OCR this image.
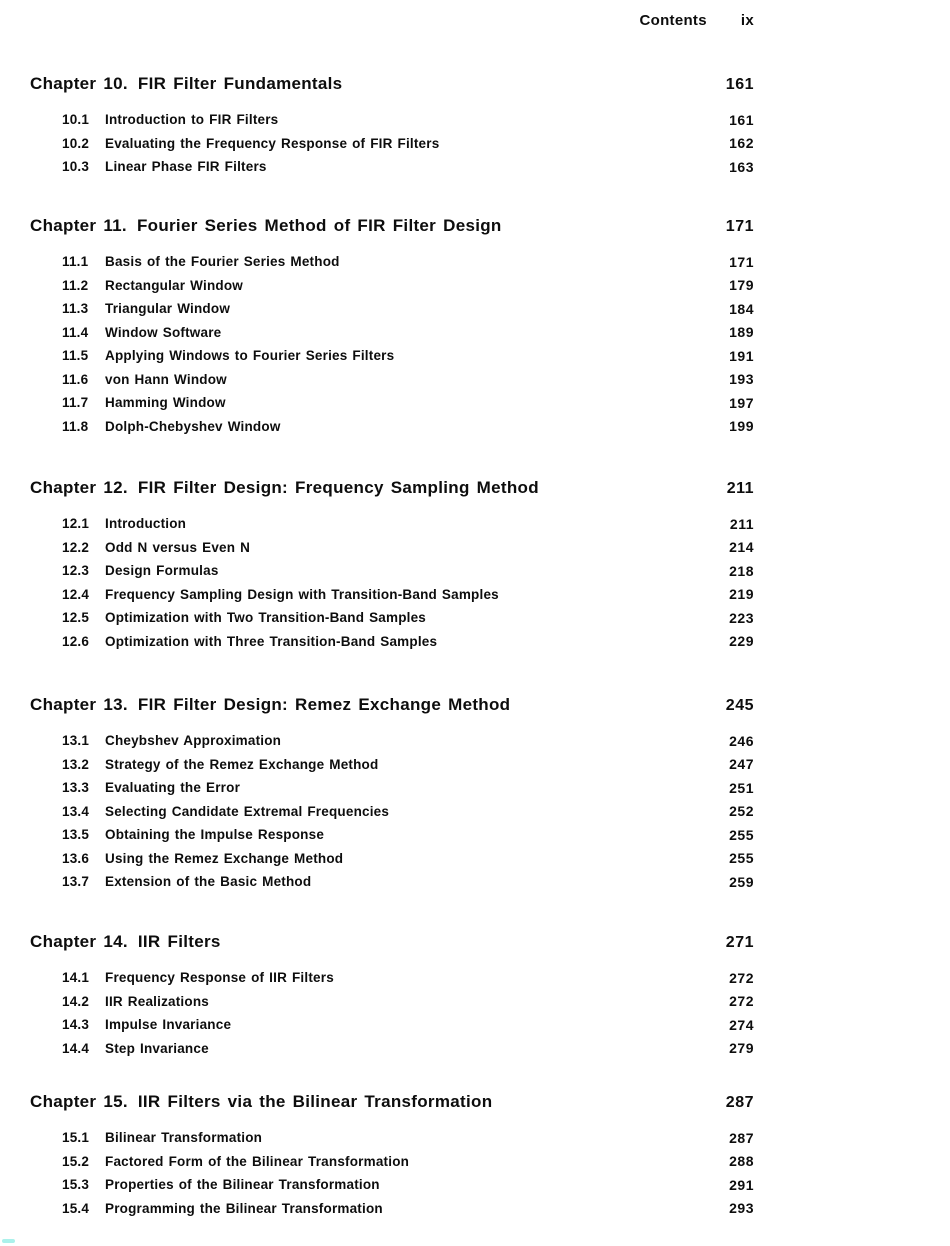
Contents ix
Chapter 10. FIR Filter Fundamentals	161
10.1	Introduction to FIR Filters	161
10.2	Evaluating the Frequency Response of FIR Filters	162
10.3	Linear Phase FIR Filters	163
Chapter 11. Fourier Series Method of FIR Filter Design	171
11.1	Basis of the Fourier Series Method	171
11.2	Rectangular Window	179
11.3	Triangular Window	184
11.4	Window Software	189
11.5	Applying Windows to Fourier Series Filters	191
11.6	von Hann Window	193
11.7	Hamming Window	197
11.8	Dolph-Chebyshev Window	199
Chapter 12. FIR Filter Design: Frequency Sampling Method	211
12.1	Introduction	211
12.2	Odd N versus Even N	214
12.3	Design Formulas	218
12.4	Frequency Sampling Design with Transition-Band Samples	219
12.5	Optimization with Two Transition-Band Samples	223
12.6	Optimization with Three Transition-Band Samples	229
Chapter 13. FIR Filter Design: Remez Exchange Method	245
13.1	Cheybshev Approximation	246
13.2	Strategy of the Remez Exchange Method	247
13.3	Evaluating the Error	251
13.4	Selecting Candidate Extremal Frequencies	252
13.5	Obtaining the Impulse Response	255
13.6	Using the Remez Exchange Method	255
13.7	Extension of the Basic Method	259
Chapter 14. IIR Filters	271
14.1	Frequency Response of IIR Filters	272
14.2	IIR Realizations	272
14.3	Impulse Invariance	274
14.4	Step Invariance	279
Chapter 15. IIR Filters via the Bilinear Transformation	287
15.1	Bilinear Transformation	287
15.2	Factored Form of the Bilinear Transformation	288
15.3	Properties of the Bilinear Transformation	291
15.4	Programming the Bilinear Transformation	293
